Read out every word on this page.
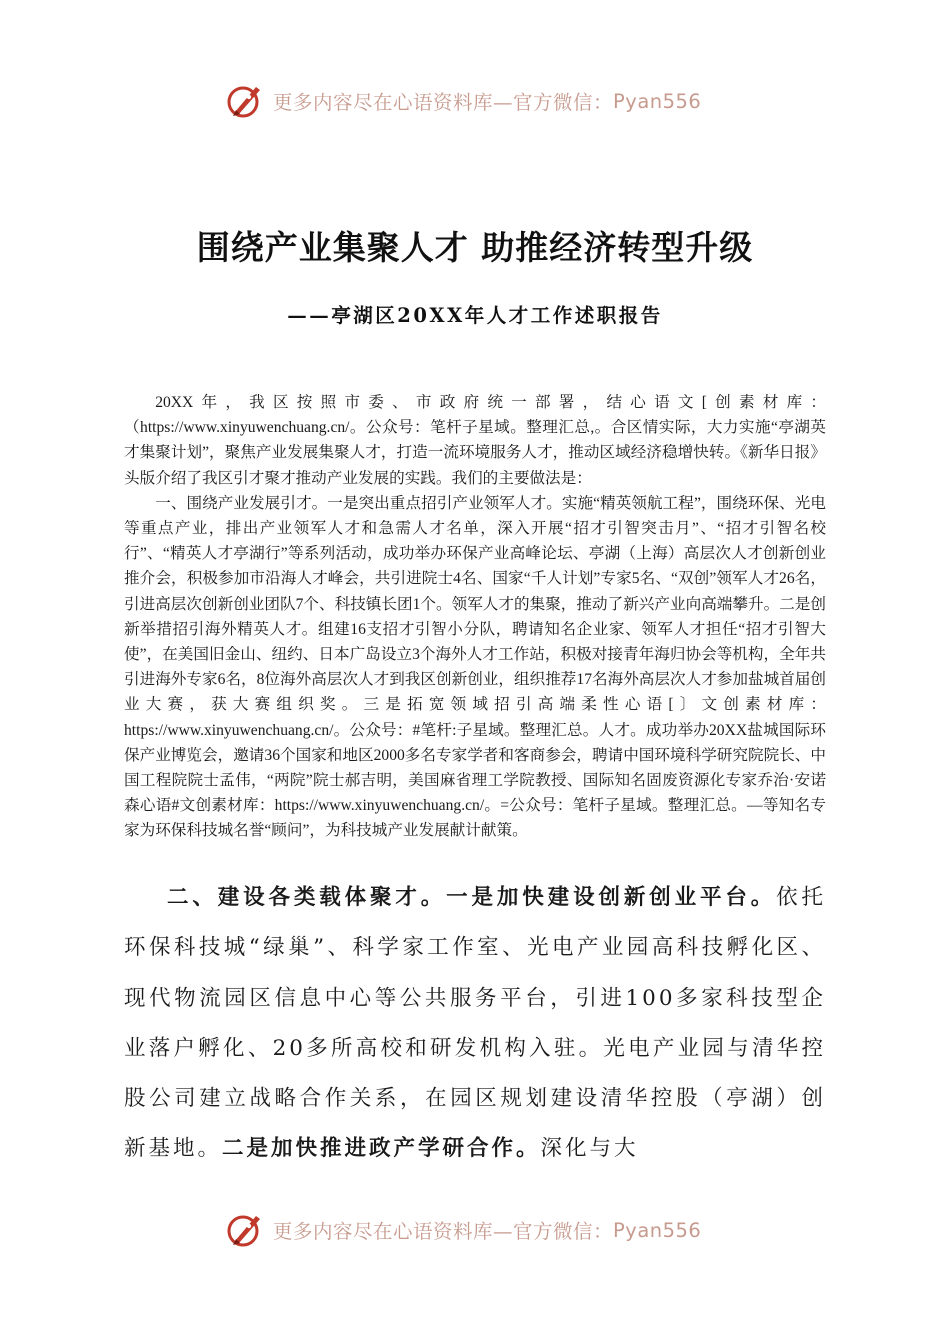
更多内容尽在心语资料库—官方微信： Pyan556
围绕产业集聚人才 助推经济转型升级
——亭湖区20XX年人才工作述职报告

20XX年，我区按照市委、市政府统一部署，结心语文[创素材库：（https://www.xinyuwenchuang.cn/。公众号：笔杆子星域。整理汇总,。合区情实际，大力实施“亭湖英才集聚计划”，聚焦产业发展集聚人才，打造一流环境服务人才，推动区域经济稳增快转。《新华日报》头版介绍了我区引才聚才推动产业发展的实践。我们的主要做法是：

一、围绕产业发展引才。一是突出重点招引产业领军人才。实施“精英领航工程”，围绕环保、光电等重点产业，排出产业领军人才和急需人才名单，深入开展“招才引智突击月”、“招才引智名校行”、“精英人才亭湖行”等系列活动，成功举办环保产业高峰论坛、亭湖（上海）高层次人才创新创业推介会，积极参加市沿海人才峰会，共引进院士4名、国家“千人计划”专家5名、“双创”领军人才26名，引进高层次创新创业团队7个、科技镇长团1个。领军人才的集聚，推动了新兴产业向高端攀升。二是创新举措招引海外精英人才。组建16支招才引智小分队，聘请知名企业家、领军人才担任“招才引智大使”，在美国旧金山、纽约、日本广岛设立3个海外人才工作站，积极对接青年海归协会等机构，全年共引进海外专家6名，8位海外高层次人才到我区创新创业，组织推荐17名海外高层次人才参加盐城首届创业大赛，获大赛组织奖。三是拓宽领域招引高端柔性心语[〕文创素材库：https://www.xinyuwenchuang.cn/。公众号：#笔杆:子星域。整理汇总。人才。成功举办20XX盐城国际环保产业博览会，邀请36个国家和地区2000多名专家学者和客商参会，聘请中国环境科学研究院院长、中国工程院院士孟伟，“两院”院士郝吉明，美国麻省理工学院教授、国际知名固废资源化专家乔治·安诺森心语#文创素材库：https://www.xinyuwenchuang.cn/。=公众号：笔杆子星域。整理汇总。—等知名专家为环保科技城名誉“顾问”，为科技城产业发展献计献策。

二、建设各类载体聚才。一是加快建设创新创业平台。依托环保科技城“绿巢”、科学家工作室、光电产业园高科技孵化区、现代物流园区信息中心等公共服务平台，引进100多家科技型企业落户孵化、20多所高校和研发机构入驻。光电产业园与清华控股公司建立战略合作关系，在园区规划建设清华控股（亭湖）创新基地。二是加快推进政产学研合作。深化与大

更多内容尽在心语资料库—官方微信： Pyan556
